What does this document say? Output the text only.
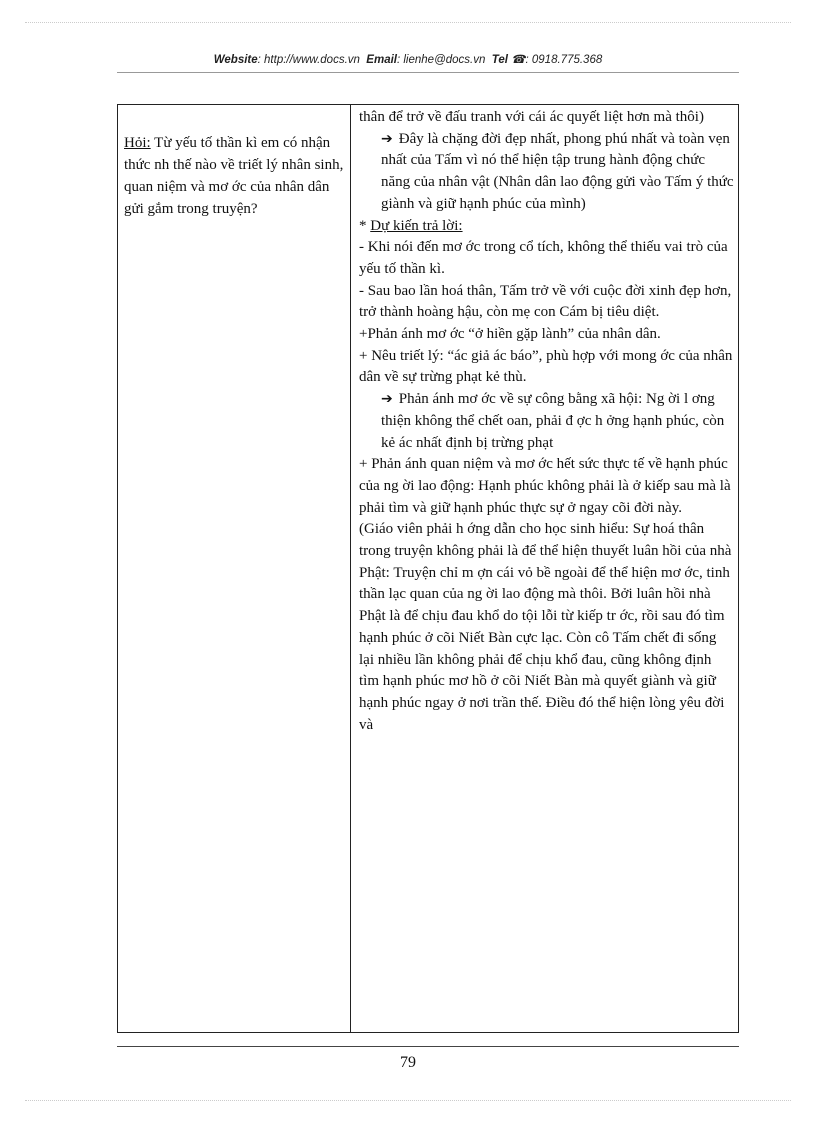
Website: http://www.docs.vn Email: lienhe@docs.vn Tel ☎: 0918.775.368
Hỏi: Từ yếu tố thần kì em có nhận thức nh thế nào về triết lý nhân sinh, quan niệm và mơ ớc của nhân dân gửi gắm trong truyện?

thân để trở về đấu tranh với cái ác quyết liệt hơn mà thôi)

➔ Đây là chặng đời đẹp nhất, phong phú nhất và toàn vẹn nhất của Tấm vì nó thể hiện tập trung hành động chức năng của nhân vật (Nhân dân lao động gửi vào Tấm ý thức giành và giữ hạnh phúc của mình)

* Dự kiến trả lời:

- Khi nói đến mơ ớc trong cổ tích, không thể thiếu vai trò của yếu tố thần kì.

- Sau bao lần hoá thân, Tấm trở về với cuộc đời xinh đẹp hơn, trở thành hoàng hậu, còn mẹ con Cám bị tiêu diệt.

+Phản ánh mơ ớc “ở hiền gặp lành” của nhân dân.

+ Nêu triết lý: “ác giả ác báo”, phù hợp với mong ớc của nhân dân về sự trừng phạt kẻ thù.

➔ Phản ánh mơ ớc về sự công bằng xã hội: Ng ời l ơng thiện không thể chết oan, phải đ ợc h ởng hạnh phúc, còn kẻ ác nhất định bị trừng phạt

+ Phản ánh quan niệm và mơ ớc hết sức thực tế về hạnh phúc của ng ời lao động: Hạnh phúc không phải là ở kiếp sau mà là phải tìm và giữ hạnh phúc thực sự ở ngay cõi đời này.

(Giáo viên phải h ớng dẫn cho học sinh hiểu: Sự hoá thân trong truyện không phải là để thể hiện thuyết luân hồi của nhà Phật: Truyện chỉ m ợn cái vỏ bề ngoài để thể hiện mơ ớc, tinh thần lạc quan của ng ời lao động mà thôi. Bởi luân hồi nhà Phật là để chịu đau khổ do tội lỗi từ kiếp tr ớc, rồi sau đó tìm hạnh phúc ở cõi Niết Bàn cực lạc. Còn cô Tấm chết đi sống lại nhiều lần không phải để chịu khổ đau, cũng không định tìm hạnh phúc mơ hồ ở cõi Niết Bàn mà quyết giành và giữ hạnh phúc ngay ở nơi trần thế. Điều đó thể hiện lòng yêu đời và

79
